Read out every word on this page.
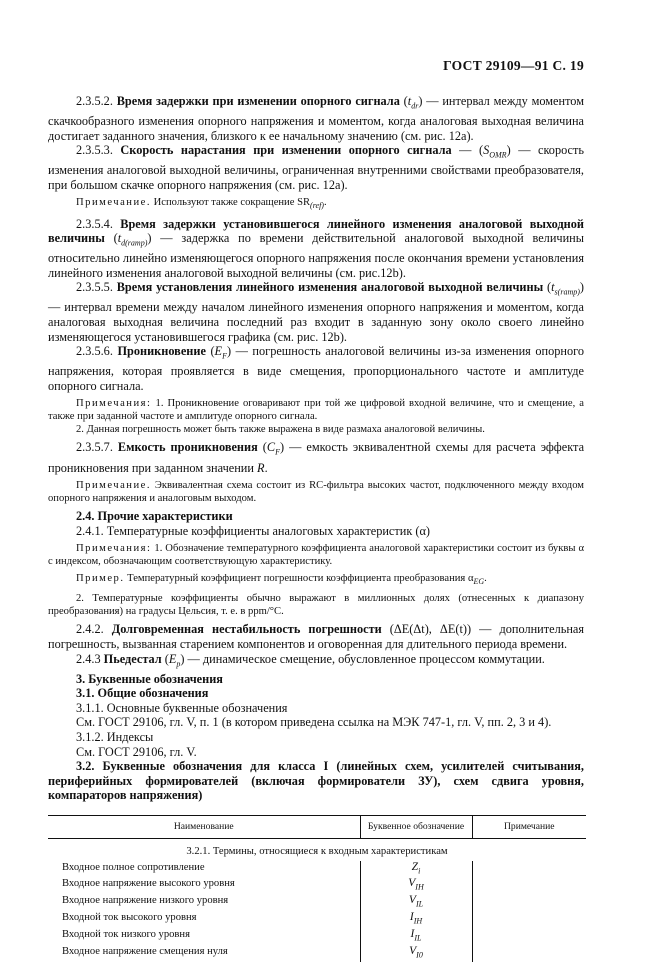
ГОСТ 29109—91 С. 19

2.3.5.2. Время задержки при изменении опорного сигнала $(t_{dr})$ — интервал между моментом скачкообразного изменения опорного напряжения и моментом, когда аналоговая выходная величина достигает заданного значения, близкого к ее начальному значению (см. рис. 12а).

2.3.5.3. Скорость нарастания при изменении опорного сигнала — $(S_{OMR})$ — скорость изменения аналоговой выходной величины, ограниченная внутренними свойствами преобразователя, при большом скачке опорного напряжения (см. рис. 12а).

Примечание. Используют также сокращение $SR_{(ref)}$.

2.3.5.4. Время задержки установившегося линейного изменения аналоговой выходной величины $(t_{d(ramp)})$ — задержка по времени действительной аналоговой выходной величины относительно линейно изменяющегося опорного напряжения после окончания времени установления линейного изменения аналоговой выходной величины (см. рис.12b).

2.3.5.5. Время установления линейного изменения аналоговой выходной величины $(t_{s(ramp)})$ — интервал времени между началом линейного изменения опорного напряжения и моментом, когда аналоговая выходная величина последний раз входит в заданную зону около своего линейно изменяющегося установившегося графика (см. рис. 12b).

2.3.5.6. Проникновение $(E_F)$ — погрешность аналоговой величины из-за изменения опорного напряжения, которая проявляется в виде смещения, пропорционального частоте и амплитуде опорного сигнала.

Примечания: 1. Проникновение оговаривают при той же цифровой входной величине, что и смещение, а также при заданной частоте и амплитуде опорного сигнала.

2. Данная погрешность может быть также выражена в виде размаха аналоговой величины.

2.3.5.7. Емкость проникновения $(C_F)$ — емкость эквивалентной схемы для расчета эффекта проникновения при заданном значении R.

Примечание. Эквивалентная схема состоит из RC-фильтра высоких частот, подключенного между входом опорного напряжения и аналоговым выходом.

2.4. Прочие характеристики

2.4.1. Температурные коэффициенты аналоговых характеристик (α)

Примечания: 1. Обозначение температурного коэффициента аналоговой характеристики состоит из буквы α с индексом, обозначающим соответствующую характеристику.

Пример. Температурный коэффициент погрешности коэффициента преобразования $\alpha_{EG}$.

2. Температурные коэффициенты обычно выражают в миллионных долях (отнесенных к диапазону преобразования) на градусы Цельсия, т. е. в ppm/°C.

2.4.2. Долговременная нестабильность погрешности (ΔE(Δt), ΔE(t)) — дополнительная погрешность, вызванная старением компонентов и оговоренная для длительного периода времени.

2.4.3 Пьедестал $(E_p)$ — динамическое смещение, обусловленное процессом коммутации.

3. Буквенные обозначения

3.1. Общие обозначения

3.1.1. Основные буквенные обозначения

См. ГОСТ 29106, гл. V, п. 1 (в котором приведена ссылка на МЭК 747-1, гл. V, пп. 2, 3 и 4).

3.1.2. Индексы

См. ГОСТ 29106, гл. V.

3.2. Буквенные обозначения для класса I (линейных схем, усилителей считывания, периферийных формирователей (включая формирователи ЗУ), схем сдвига уровня, компараторов напряжения)

Наименование	Буквенное обозначение	Примечание
3.2.1. Термины, относящиеся к входным характеристикам		
Входное полное сопротивление	$Z_i$	
Входное напряжение высокого уровня	$V_{IH}$	
Входное напряжение низкого уровня	$V_{IL}$	
Входной ток высокого уровня	$I_{IH}$	
Входной ток низкого уровня	$I_{IL}$	
Входное напряжение смещения нуля	$V_{I0}$	
